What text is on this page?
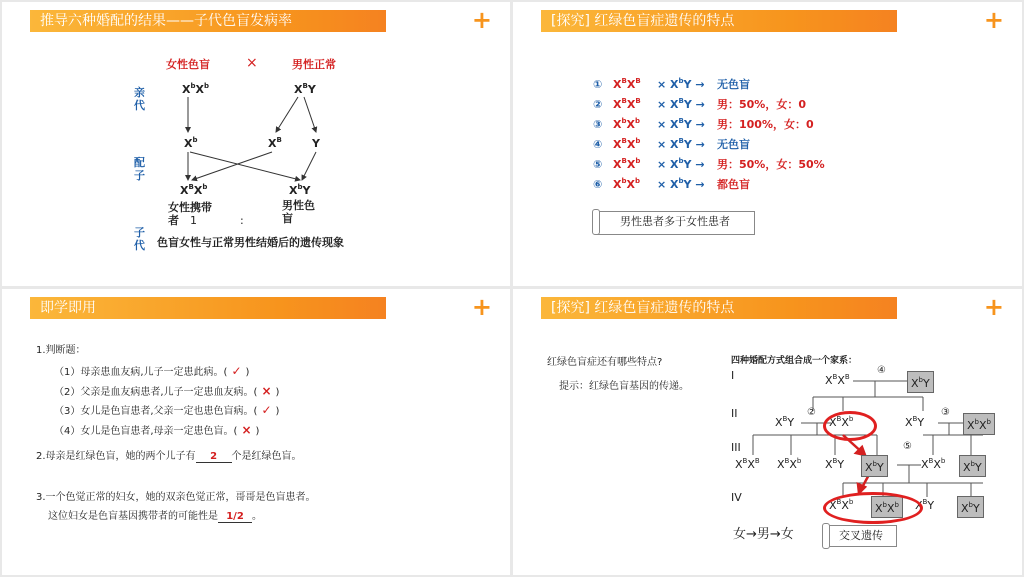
推导六种婚配的结果——子代色盲发病率	+
女性色盲	×	男性正常
亲
代
配
子
子
代
$X^bX^b$	$X^BY$
$X^b$	$X^B$	Y
$X^BX^b$	$X^bY$
女性携带者
男性色盲
1	:
色盲女性与正常男性结婚后的遗传现象
[探究] 红绿色盲症遗传的特点	+
① $X^BX^B \times X^bY$ → 无色盲
② $X^BX^B \times X^BY$ → 男：50%，女：0
③ $X^bX^b \times X^BY$ → 男：100%，女：0
④ $X^BX^b \times X^BY$ → 无色盲
⑤ $X^BX^b \times X^bY$ → 男：50%，女：50%
⑥ $X^bX^b \times X^bY$ → 都色盲
男性患者多于女性患者
即学即用	+
1.判断题：
（1）母亲患血友病,儿子一定患此病。( ✓ )
（2）父亲是血友病患者,儿子一定患血友病。( × )
（3）女儿是色盲患者,父亲一定也患色盲病。( ✓ )
（4）女儿是色盲患者,母亲一定患色盲。( × )
2.母亲是红绿色盲，她的两个儿子有 2 个是红绿色盲。
3.一个色觉正常的妇女，她的双亲色觉正常，哥哥是色盲患者。
这位妇女是色盲基因携带者的可能性是 1/2 。
[探究] 红绿色盲症遗传的特点	+
红绿色盲症还有哪些特点?
提示：红绿色盲基因的传递。
四种婚配方式组合成一个家系：
I
II
III
IV
④
②	③
⑤
$X^BX^B$	$X^bY$
$X^BY$	$X^BX^b$	$X^BY$	$X^bX^b$
$X^BX^B$ $X^BX^b$ $X^BY$	$X^bY$	$X^BX^b$	$X^bY$
$X^BX^b$	$X^bX^b$	$X^BY$	$X^bY$
女→男→女	交叉遗传
